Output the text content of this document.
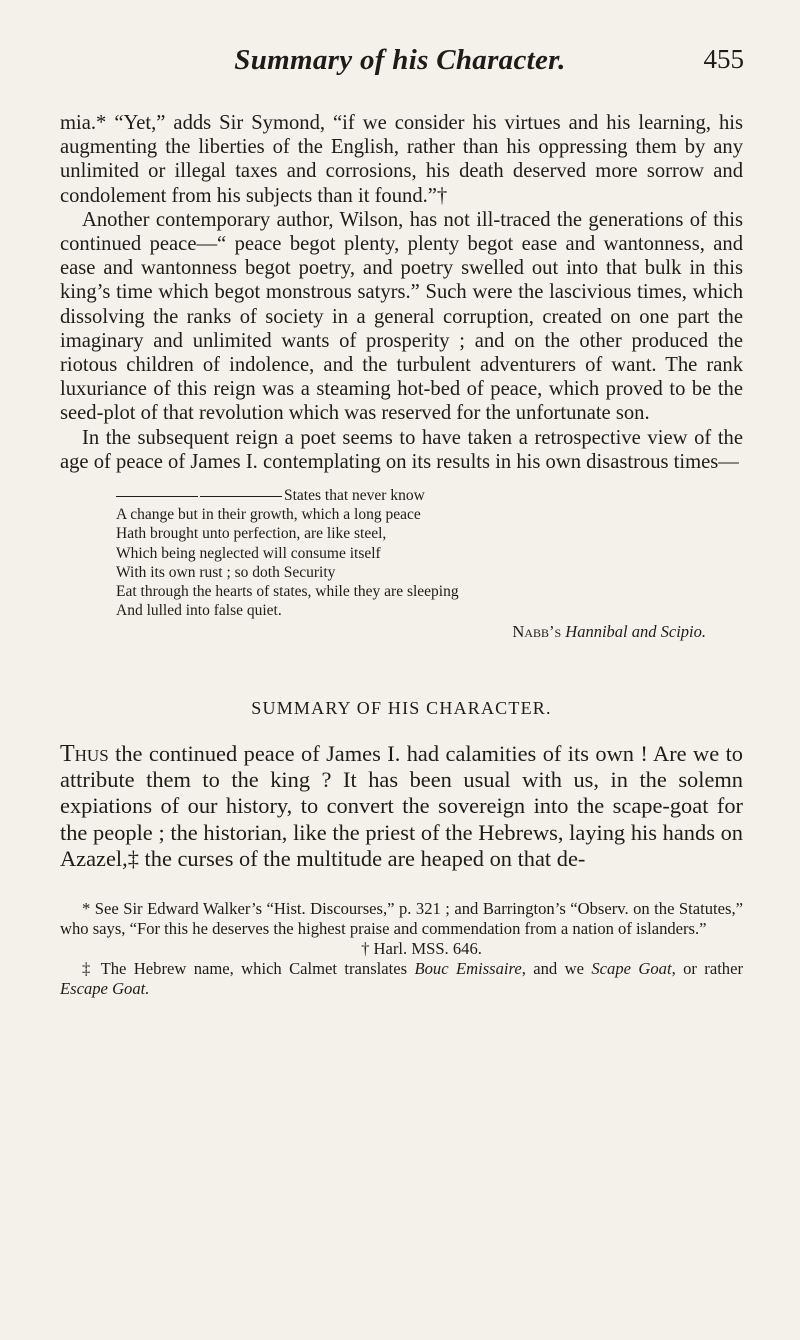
Summary of his Character.	455

mia.* “Yet,” adds Sir Symond, “if we consider his virtues and his learning, his augmenting the liberties of the English, rather than his oppressing them by any unlimited or illegal taxes and corrosions, his death deserved more sorrow and condolement from his subjects than it found.”†

Another contemporary author, Wilson, has not ill-traced the generations of this continued peace—“ peace begot plenty, plenty begot ease and wantonness, and ease and wantonness begot poetry, and poetry swelled out into that bulk in this king’s time which begot monstrous satyrs.” Such were the lascivious times, which dissolving the ranks of society in a general corruption, created on one part the imaginary and unlimited wants of prosperity ; and on the other produced the riotous children of indolence, and the turbulent adventurers of want. The rank luxuriance of this reign was a steaming hot-bed of peace, which proved to be the seed-plot of that revolution which was reserved for the unfortunate son.

In the subsequent reign a poet seems to have taken a retrospective view of the age of peace of James I. contemplating on its results in his own disastrous times—

States that never know
A change but in their growth, which a long peace
Hath brought unto perfection, are like steel,
Which being neglected will consume itself
With its own rust ; so doth Security
Eat through the hearts of states, while they are sleeping
And lulled into false quiet.
Nabb’s Hannibal and Scipio.
SUMMARY OF HIS CHARACTER.

Thus the continued peace of James I. had calamities of its own ! Are we to attribute them to the king ? It has been usual with us, in the solemn expiations of our history, to convert the sovereign into the scape-goat for the people ; the historian, like the priest of the Hebrews, laying his hands on Azazel,‡ the curses of the multitude are heaped on that de-

* See Sir Edward Walker’s “Hist. Discourses,” p. 321 ; and Barrington’s “Observ. on the Statutes,” who says, “For this he deserves the highest praise and commendation from a nation of islanders.”
† Harl. MSS. 646.
‡ The Hebrew name, which Calmet translates Bouc Emissaire, and we Scape Goat, or rather Escape Goat.
